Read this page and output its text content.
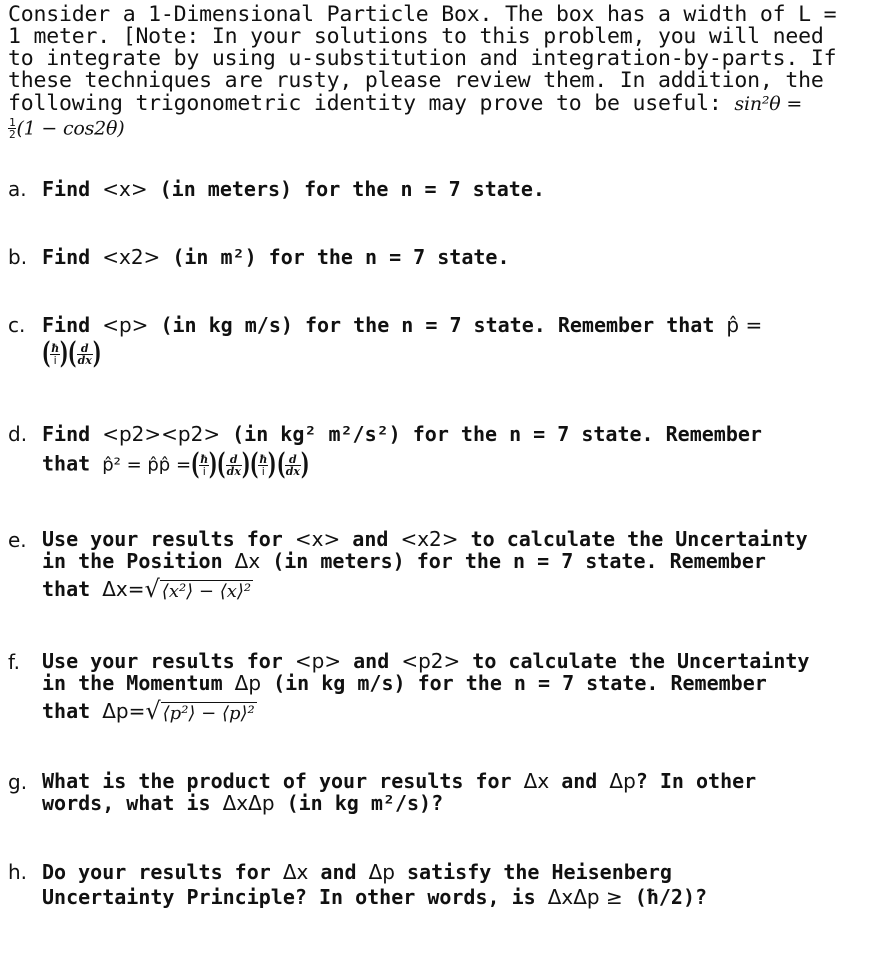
Consider a 1-Dimensional Particle Box. The box has a width of L =
1 meter. [Note: In your solutions to this problem, you will need
to integrate by using u-substitution and integration-by-parts. If
these techniques are rusty, please review them. In addition, the
following trigonometric identity may prove to be useful: sin²θ =
$\frac{1}{2} (1 - \cos 2\theta)$
a. Find <x> (in meters) for the n = 7 state.
b. Find <x2> (in m²) for the n = 7 state.
c. Find <p> (in kg m/s) for the n = 7 state. Remember that p̂ =
( $\frac{ħ}{i}$ )( $\frac{d}{dx}$ )
d. Find <p2><p2> (in kg² m²/s²) for the n = 7 state. Remember
that p̂² = p̂p̂ =( $\frac{ħ}{i}$ )( $\frac{d}{dx}$ )( $\frac{ħ}{i}$ )( $\frac{d}{dx}$ )
e. Use your results for <x> and <x2> to calculate the Uncertainty
in the Position Δx (in meters) for the n = 7 state. Remember
that Δx=√ ⟨x²⟩ − ⟨x⟩²
f. Use your results for <p> and <p2> to calculate the Uncertainty
in the Momentum Δp (in kg m/s) for the n = 7 state. Remember
that Δp=√ ⟨p²⟩ − ⟨p⟩²
g. What is the product of your results for Δx and Δp? In other
words, what is ΔxΔp (in kg m²/s)?
h. Do your results for Δx and Δp satisfy the Heisenberg
Uncertainty Principle? In other words, is ΔxΔp ≥ (ħ/2)?
